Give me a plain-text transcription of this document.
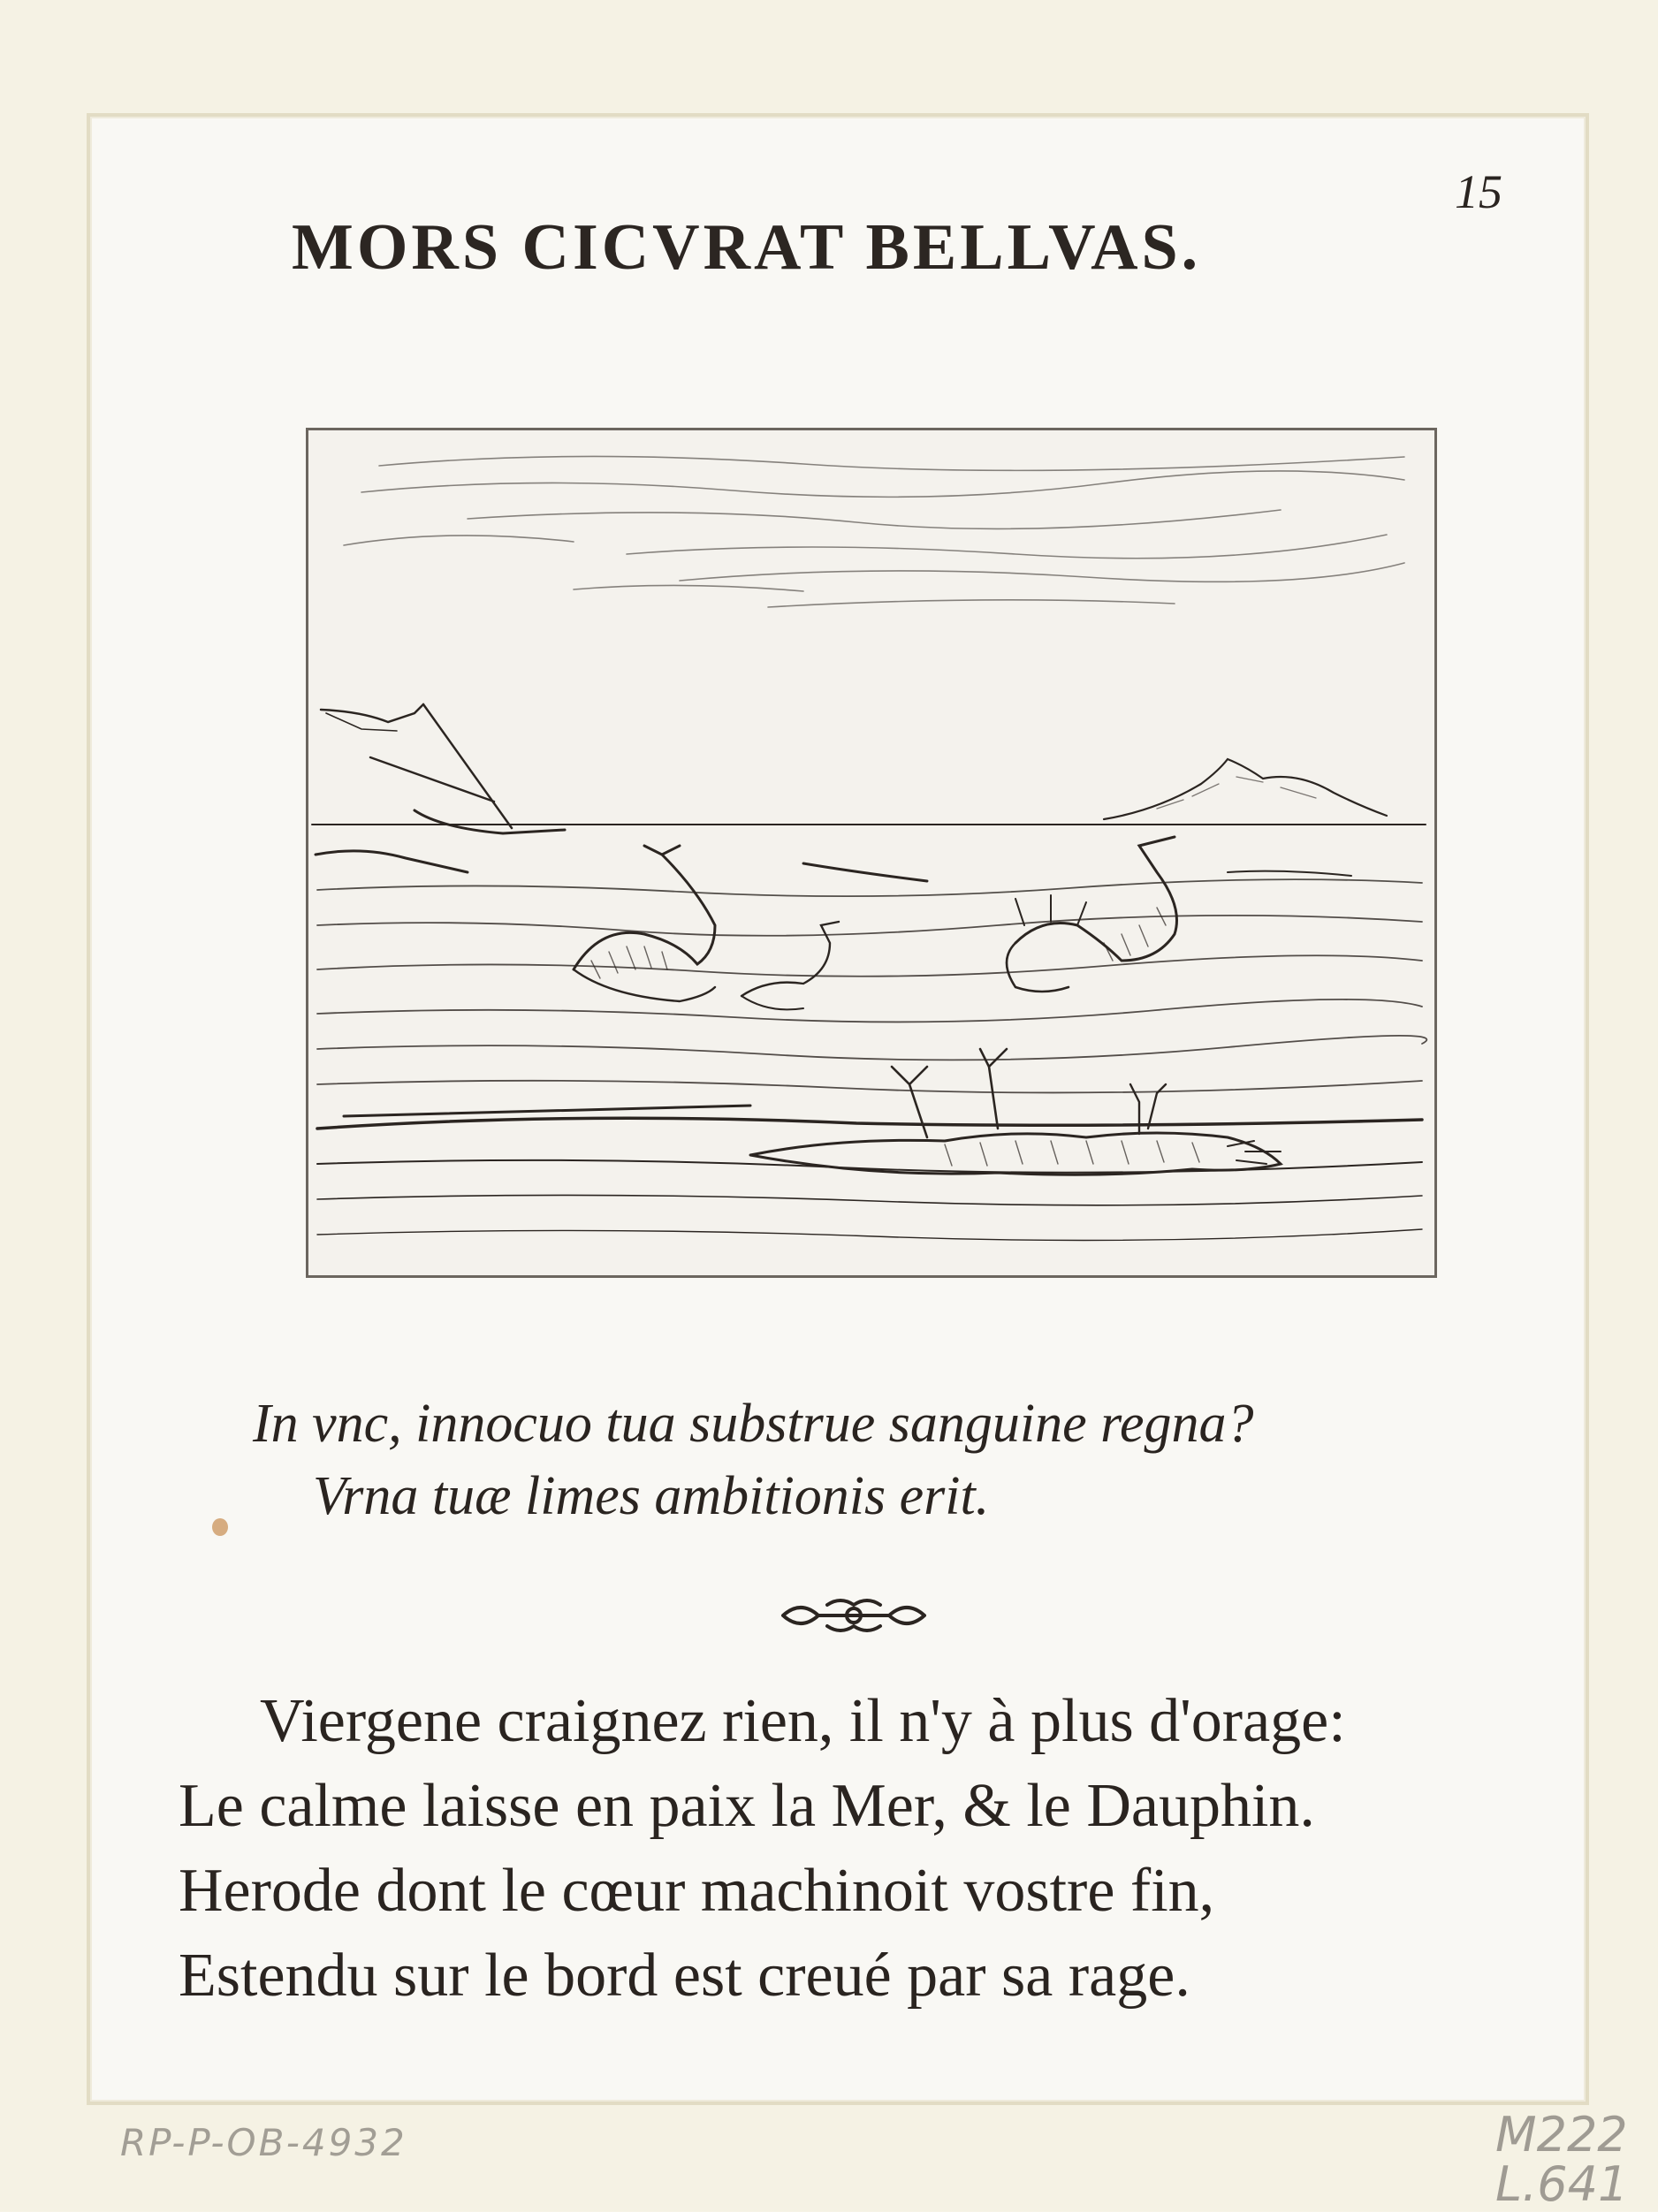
15
MORS CICVRAT BELLVAS.
In vnc, innocuo tua substrue sanguine regna?
Vrna tuæ limes ambitionis erit.
Viergene craignez rien, il n'y à plus d'orage:
Le calme laisse en paix la Mer, & le Dauphin.
Herode dont le cœur machinoit vostre fin,
Estendu sur le bord est creué par sa rage.
RP-P-OB-4932	M222
L.641
